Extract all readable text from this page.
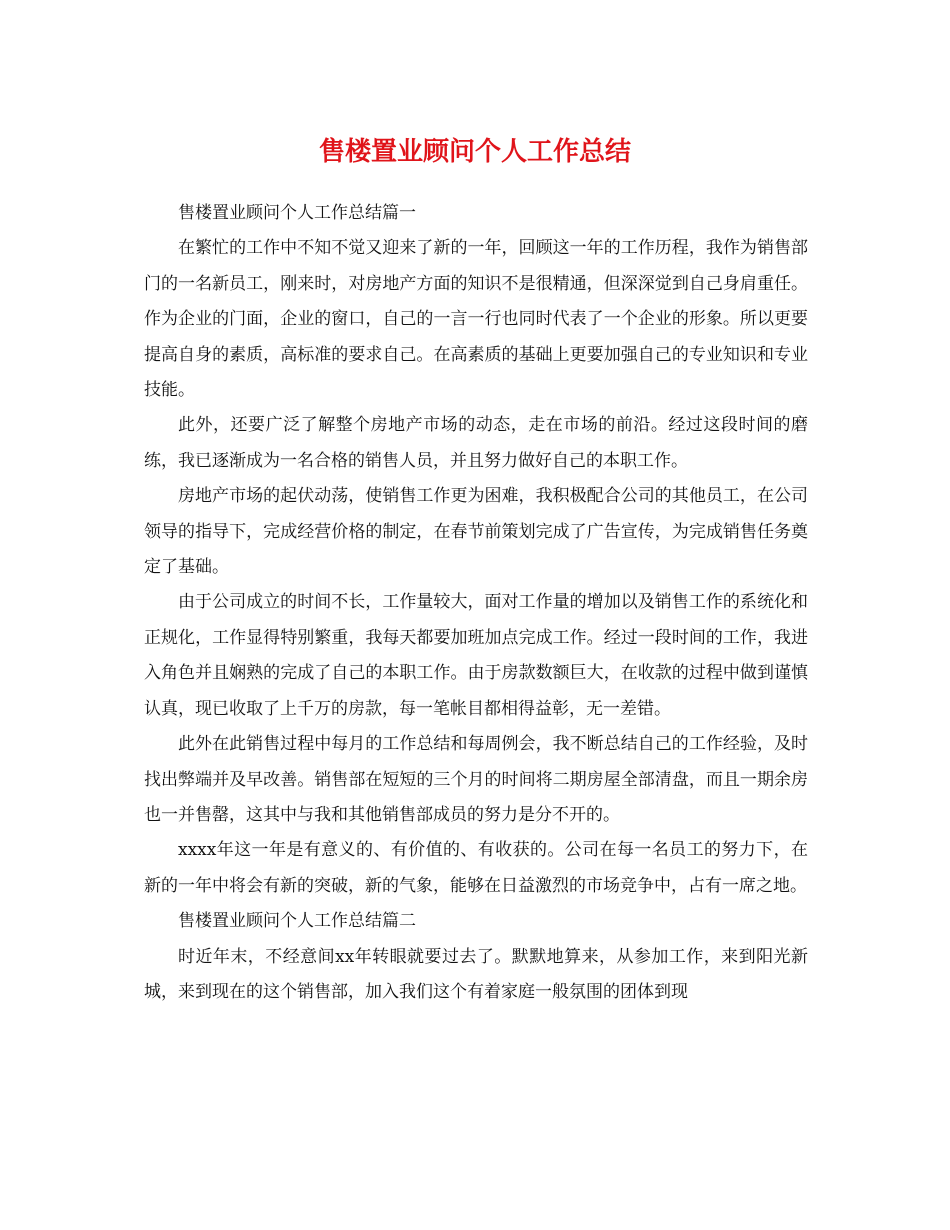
售楼置业顾问个人工作总结

售楼置业顾问个人工作总结篇一

在繁忙的工作中不知不觉又迎来了新的一年，回顾这一年的工作历程，我作为销售部门的一名新员工，刚来时，对房地产方面的知识不是很精通，但深深觉到自己身肩重任。作为企业的门面，企业的窗口，自己的一言一行也同时代表了一个企业的形象。所以更要提高自身的素质，高标准的要求自己。在高素质的基础上更要加强自己的专业知识和专业技能。

此外，还要广泛了解整个房地产市场的动态，走在市场的前沿。经过这段时间的磨练，我已逐渐成为一名合格的销售人员，并且努力做好自己的本职工作。

房地产市场的起伏动荡，使销售工作更为困难，我积极配合公司的其他员工，在公司领导的指导下，完成经营价格的制定，在春节前策划完成了广告宣传，为完成销售任务奠定了基础。

由于公司成立的时间不长，工作量较大，面对工作量的增加以及销售工作的系统化和正规化，工作显得特别繁重，我每天都要加班加点完成工作。经过一段时间的工作，我进入角色并且娴熟的完成了自己的本职工作。由于房款数额巨大，在收款的过程中做到谨慎认真，现已收取了上千万的房款，每一笔帐目都相得益彰，无一差错。

此外在此销售过程中每月的工作总结和每周例会，我不断总结自己的工作经验，及时找出弊端并及早改善。销售部在短短的三个月的时间将二期房屋全部清盘，而且一期余房也一并售罄，这其中与我和其他销售部成员的努力是分不开的。

xxxx年这一年是有意义的、有价值的、有收获的。公司在每一名员工的努力下，在新的一年中将会有新的突破，新的气象，能够在日益激烈的市场竞争中，占有一席之地。

售楼置业顾问个人工作总结篇二

时近年末，不经意间xx年转眼就要过去了。默默地算来，从参加工作，来到阳光新城，来到现在的这个销售部，加入我们这个有着家庭一般氛围的团体到现
